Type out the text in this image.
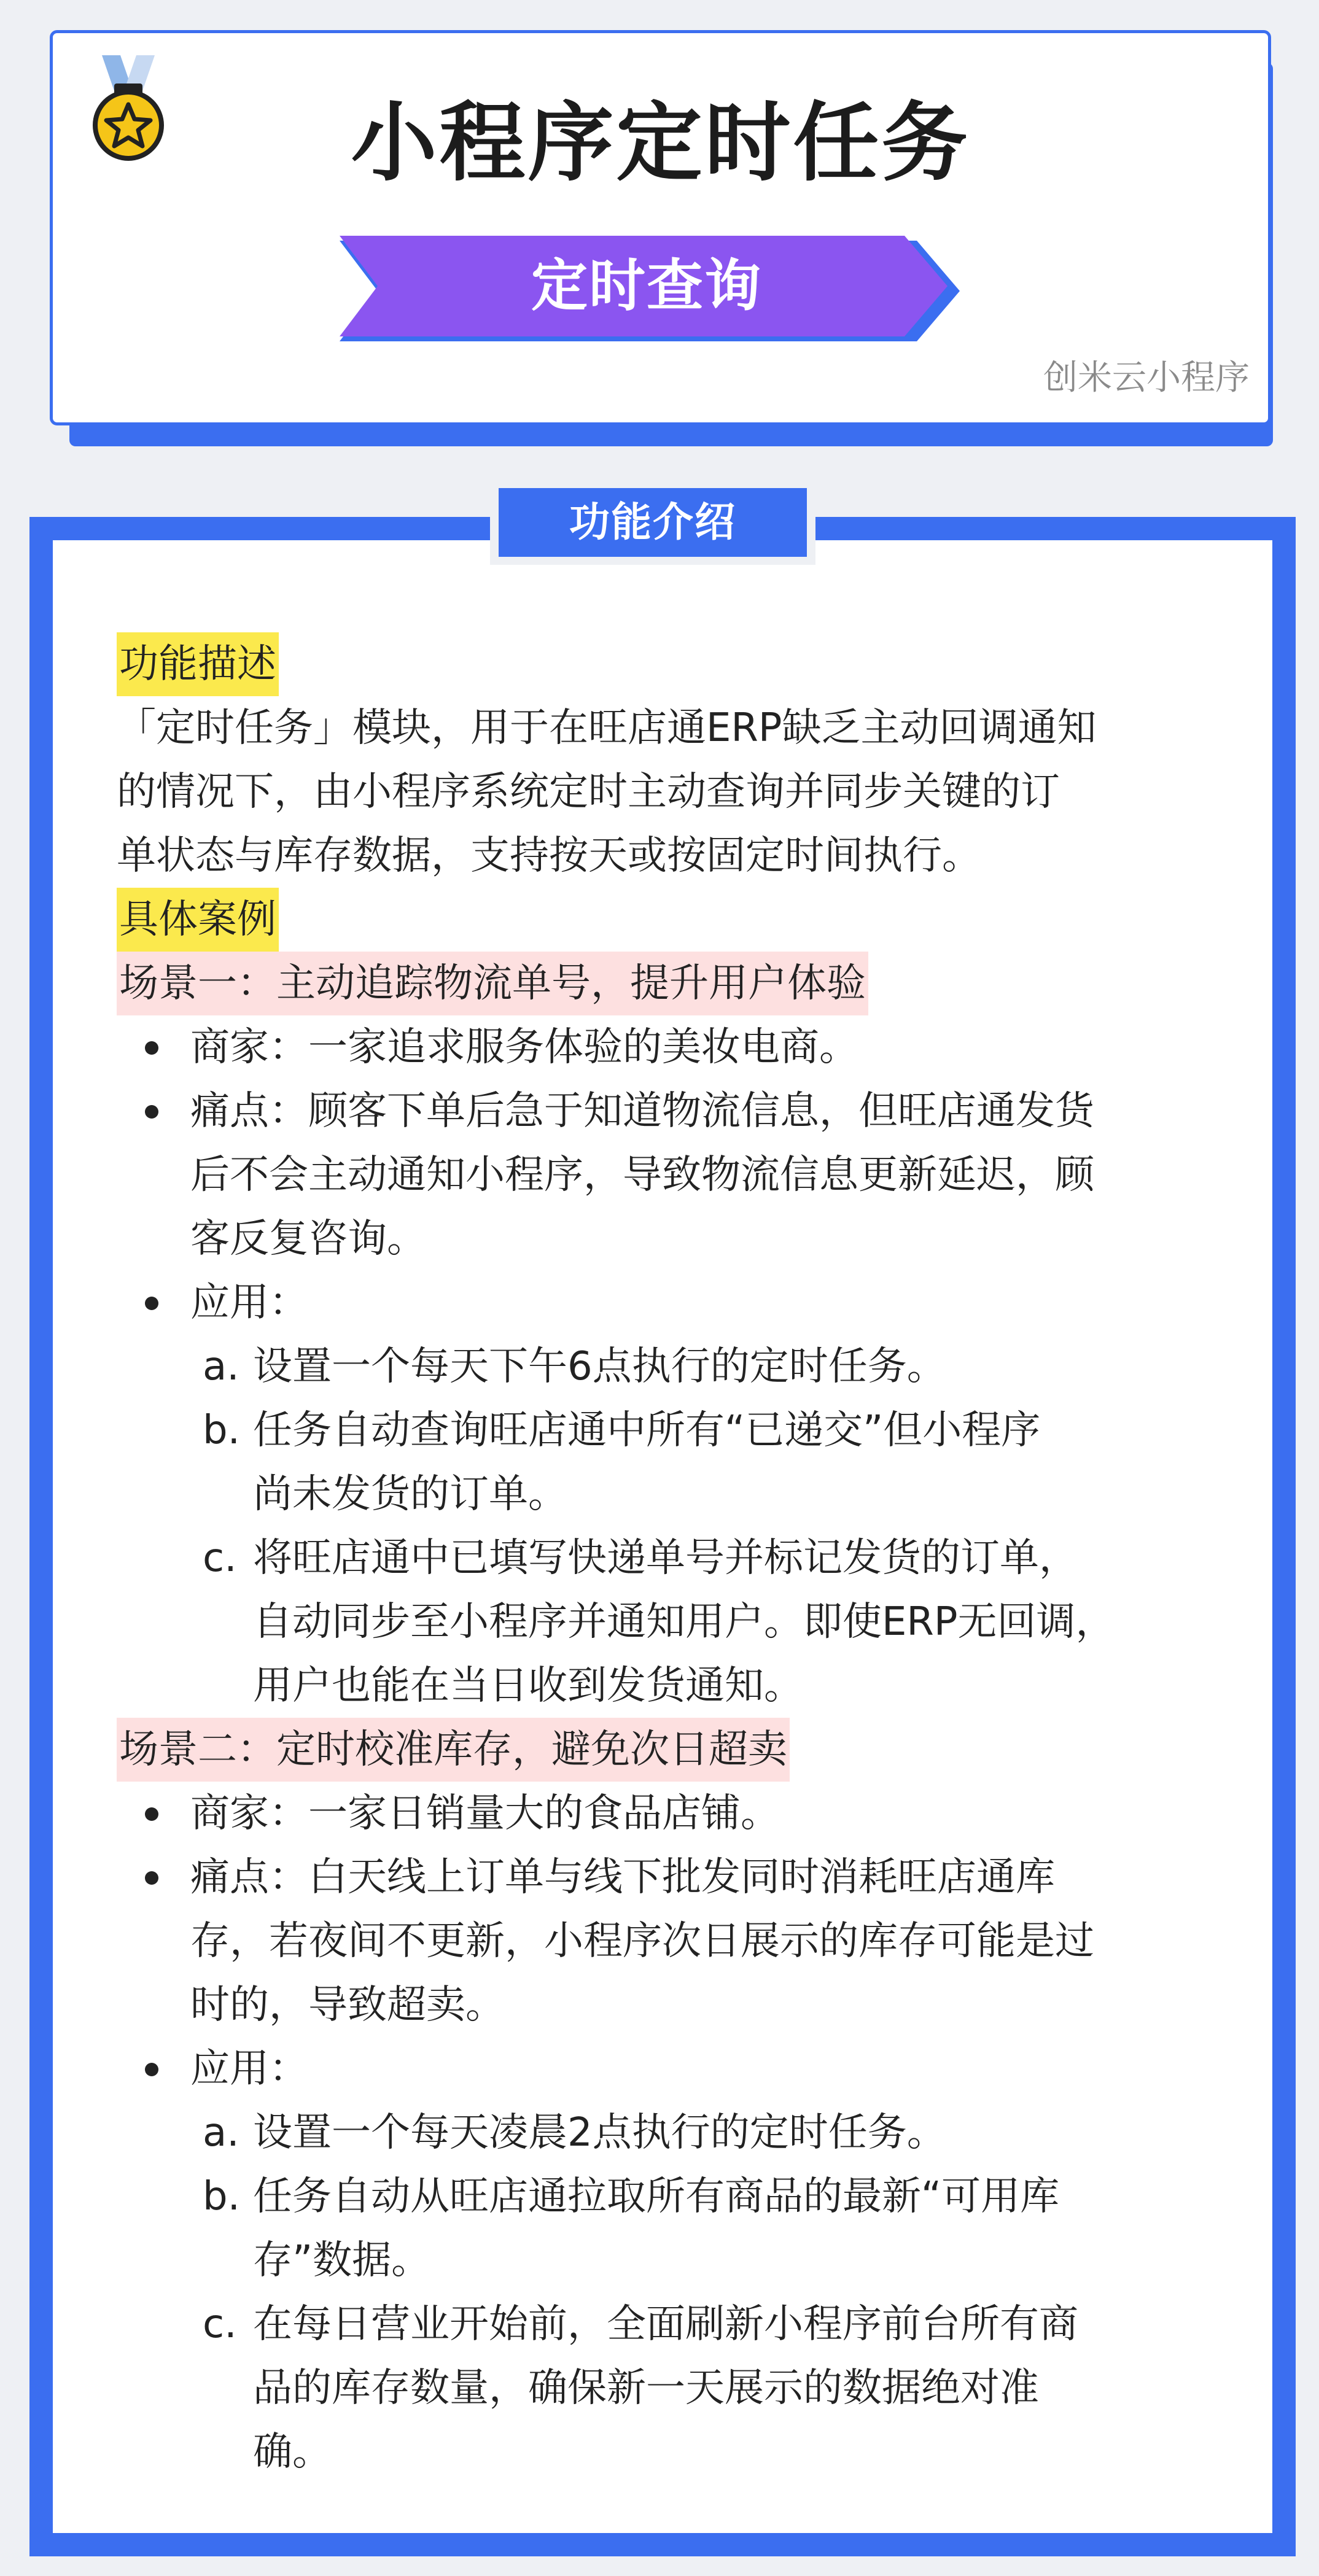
小程序定时任务
定时查询
创米云小程序
功能介绍
功能描述
「定时任务」模块，用于在旺店通ERP缺乏主动回调通知
的情况下，由小程序系统定时主动查询并同步关键的订
单状态与库存数据，支持按天或按固定时间执行。
具体案例
场景一：主动追踪物流单号，提升用户体验
商家：一家追求服务体验的美妆电商。
痛点：顾客下单后急于知道物流信息，但旺店通发货
后不会主动通知小程序，导致物流信息更新延迟，顾
客反复咨询。
应用：
a. 设置一个每天下午6点执行的定时任务。
b. 任务自动查询旺店通中所有“已递交”但小程序
尚未发货的订单。
c. 将旺店通中已填写快递单号并标记发货的订单，
自动同步至小程序并通知用户。即使ERP无回调，
用户也能在当日收到发货通知。
场景二：定时校准库存，避免次日超卖
商家：一家日销量大的食品店铺。
痛点：白天线上订单与线下批发同时消耗旺店通库
存，若夜间不更新，小程序次日展示的库存可能是过
时的，导致超卖。
应用：
a. 设置一个每天凌晨2点执行的定时任务。
b. 任务自动从旺店通拉取所有商品的最新“可用库
存”数据。
c. 在每日营业开始前，全面刷新小程序前台所有商
品的库存数量，确保新一天展示的数据绝对准
确。
